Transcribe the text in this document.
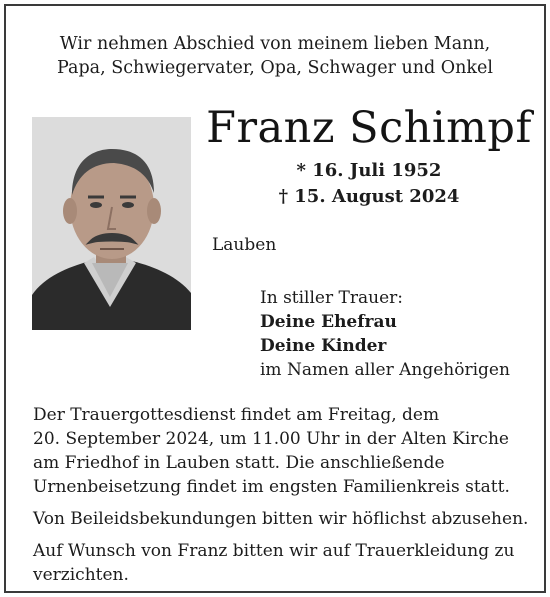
Wir nehmen Abschied von meinem lieben Mann,
Papa, Schwiegervater, Opa, Schwager und Onkel
Franz Schimpf
* 16. Juli 1952
† 15. August 2024
Lauben
In stiller Trauer:
Deine Ehefrau
Deine Kinder
im Namen aller Angehörigen

Der Trauergottesdienst findet am Freitag, dem
20. September 2024, um 11.00 Uhr in der Alten Kirche
am Friedhof in Lauben statt. Die anschließende
Urnenbeisetzung findet im engsten Familienkreis statt.

Von Beileidsbekundungen bitten wir höflichst abzusehen.

Auf Wunsch von Franz bitten wir auf Trauerkleidung zu
verzichten.
